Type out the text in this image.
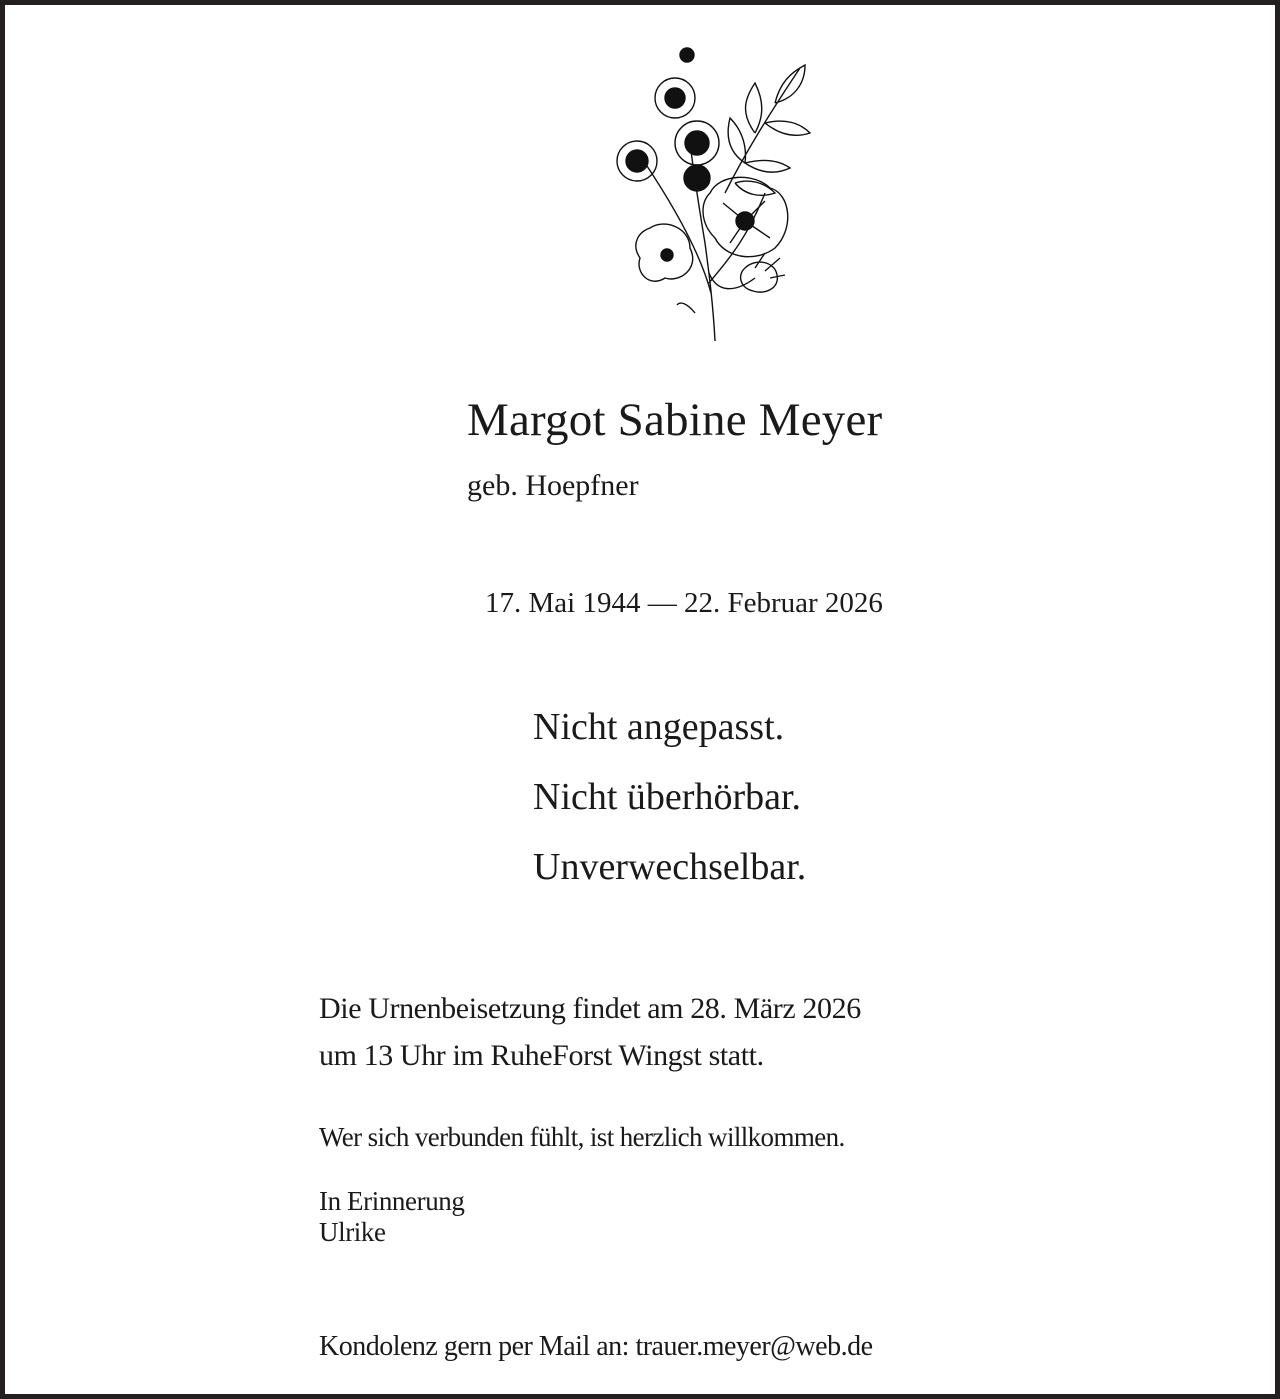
Margot Sabine Meyer

geb. Hoepfner

17. Mai 1944 — 22. Februar 2026

Nicht angepasst.

Nicht überhörbar.

Unverwechselbar.

Die Urnenbeisetzung findet am 28. März 2026

um 13 Uhr im RuheForst Wingst statt.

Wer sich verbunden fühlt, ist herzlich willkommen.

In Erinnerung

Ulrike

Kondolenz gern per Mail an: trauer.meyer@web.de
